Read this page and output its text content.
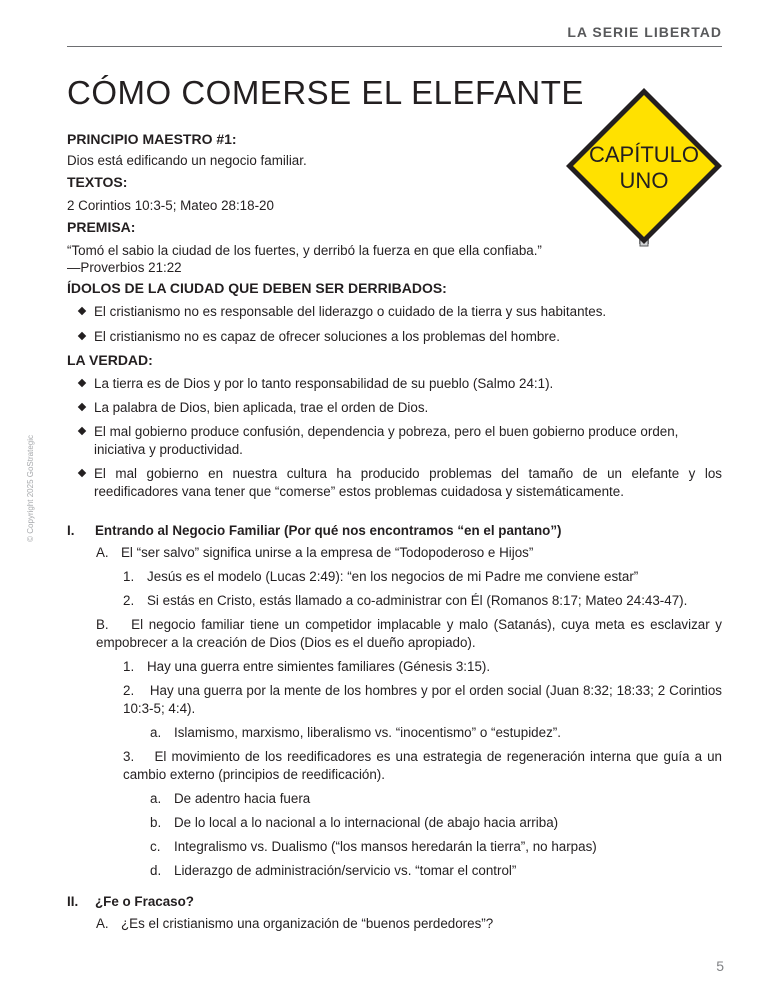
LA SERIE LIBERTAD
© Copyright 2025 GoStrategic
CÓMO COMERSE EL ELEFANTE
CAPÍTULO
UNO
PRINCIPIO MAESTRO #1:
Dios está edificando un negocio familiar.
TEXTOS:
2 Corintios 10:3-5; Mateo 28:18-20
PREMISA:
“Tomó el sabio la ciudad de los fuertes, y derribó la fuerza en que ella confiaba.”
—Proverbios 21:22
ÍDOLOS DE LA CIUDAD QUE DEBEN SER DERRIBADOS:
El cristianismo no es responsable del liderazgo o cuidado de la tierra y sus habitantes.
El cristianismo no es capaz de ofrecer soluciones a los problemas del hombre.
LA VERDAD:
La tierra es de Dios y por lo tanto responsabilidad de su pueblo (Salmo 24:1).
La palabra de Dios, bien aplicada, trae el orden de Dios.
El mal gobierno produce confusión, dependencia y pobreza, pero el buen gobierno produce orden, iniciativa y productividad.
El mal gobierno en nuestra cultura ha producido problemas del tamaño de un elefante y los reedificadores vana tener que “comerse” estos problemas cuidadosa y sistemáticamente.
I.	Entrando al Negocio Familiar (Por qué nos encontramos “en el pantano”)
A. El “ser salvo” significa unirse a la empresa de “Todopoderoso e Hijos”
1. Jesús es el modelo (Lucas 2:49): “en los negocios de mi Padre me conviene estar”
2. Si estás en Cristo, estás llamado a co-administrar con Él (Romanos 8:17; Mateo 24:43-47).
B. El negocio familiar tiene un competidor implacable y malo (Satanás), cuya meta es esclavizar y empobrecer a la creación de Dios (Dios es el dueño apropiado).
1. Hay una guerra entre simientes familiares (Génesis 3:15).
2. Hay una guerra por la mente de los hombres y por el orden social (Juan 8:32; 18:33; 2 Corintios 10:3-5; 4:4).
a. Islamismo, marxismo, liberalismo vs. “inocentismo” o “estupidez”.
3. El movimiento de los reedificadores es una estrategia de regeneración interna que guía a un cambio externo (principios de reedificación).
a. De adentro hacia fuera
b. De lo local a lo nacional a lo internacional (de abajo hacia arriba)
c.	Integralismo vs. Dualismo (“los mansos heredarán la tierra”, no harpas)
d. Liderazgo de administración/servicio vs. “tomar el control”
II.	¿Fe o Fracaso?
A. ¿Es el cristianismo una organización de “buenos perdedores”?
5
